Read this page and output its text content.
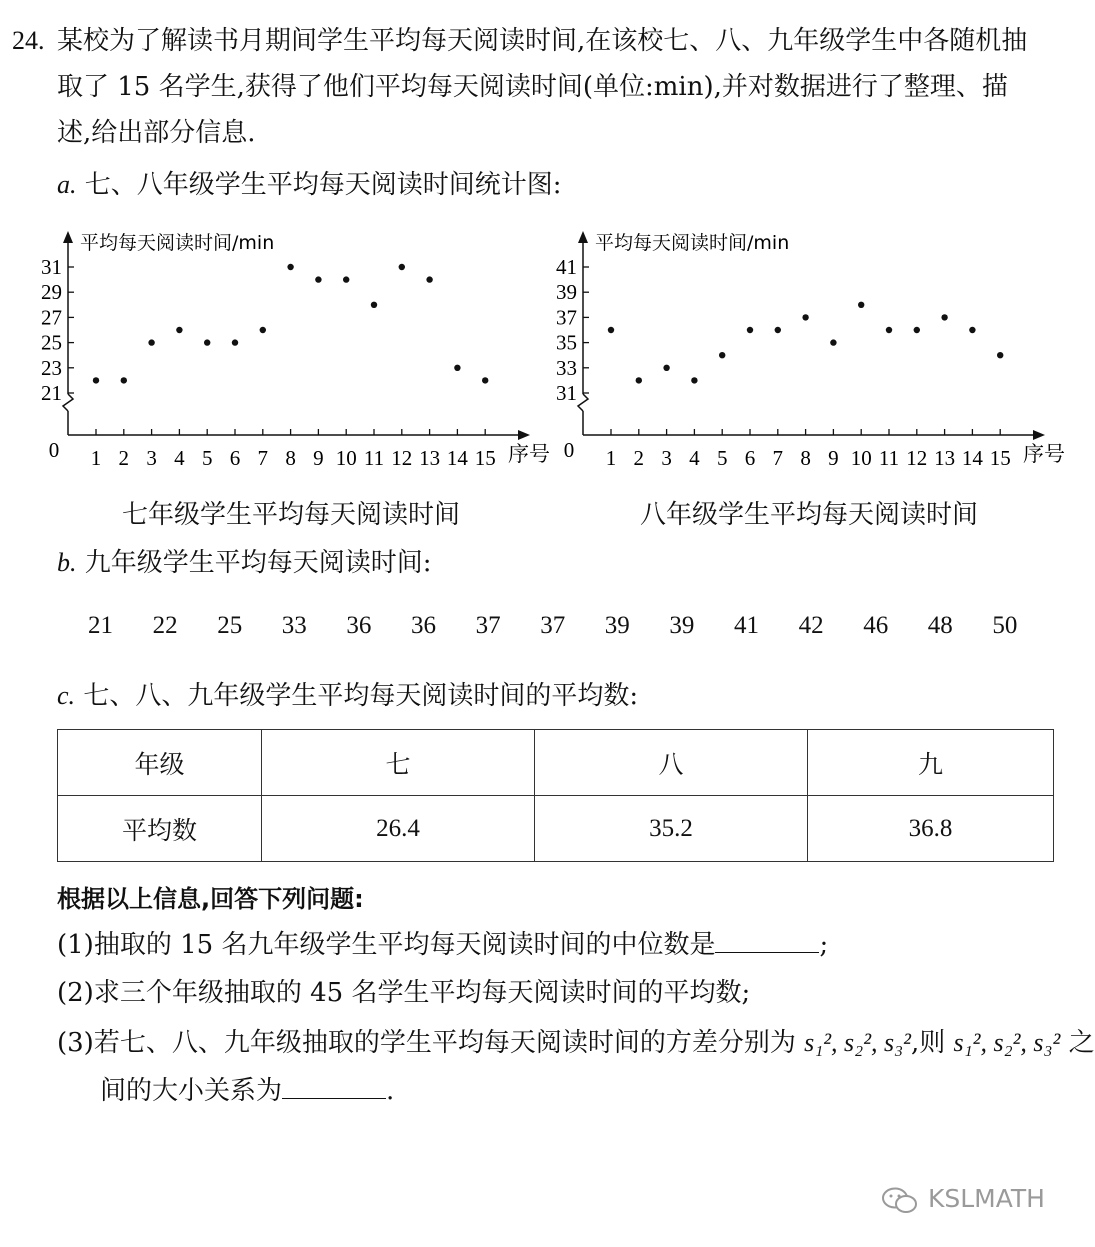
24. 某校为了解读书月期间学生平均每天阅读时间,在该校七、八、九年级学生中各随机抽
取了 15 名学生,获得了他们平均每天阅读时间(单位:min),并对数据进行了整理、描
述,给出部分信息.
a. 七、八年级学生平均每天阅读时间统计图:
平均每天阅读时间/min
序号
0
21
23
25
27
29
31
1 2 3 4 5 6 7 8 9 10 11 12 13 14 15
平均每天阅读时间/min
序号
0
31
33
35
37
39
41
1 2 3 4 5 6 7 8 9 10 11 12 13 14 15
七年级学生平均每天阅读时间	八年级学生平均每天阅读时间
b. 九年级学生平均每天阅读时间:
21 22 25 33 36 36 37 37 39 39 41 42 46 48 50
c. 七、八、九年级学生平均每天阅读时间的平均数:
年级	七	八	九
平均数	26.4	35.2	36.8
根据以上信息,回答下列问题:
(1)抽取的 15 名九年级学生平均每天阅读时间的中位数是	;
(2)求三个年级抽取的 45 名学生平均每天阅读时间的平均数;
(3)若七、八、九年级抽取的学生平均每天阅读时间的方差分别为 s₁², s₂², s₃²,则 s₁², s₂², s₃² 之
间的大小关系为	.
KSLMATH
